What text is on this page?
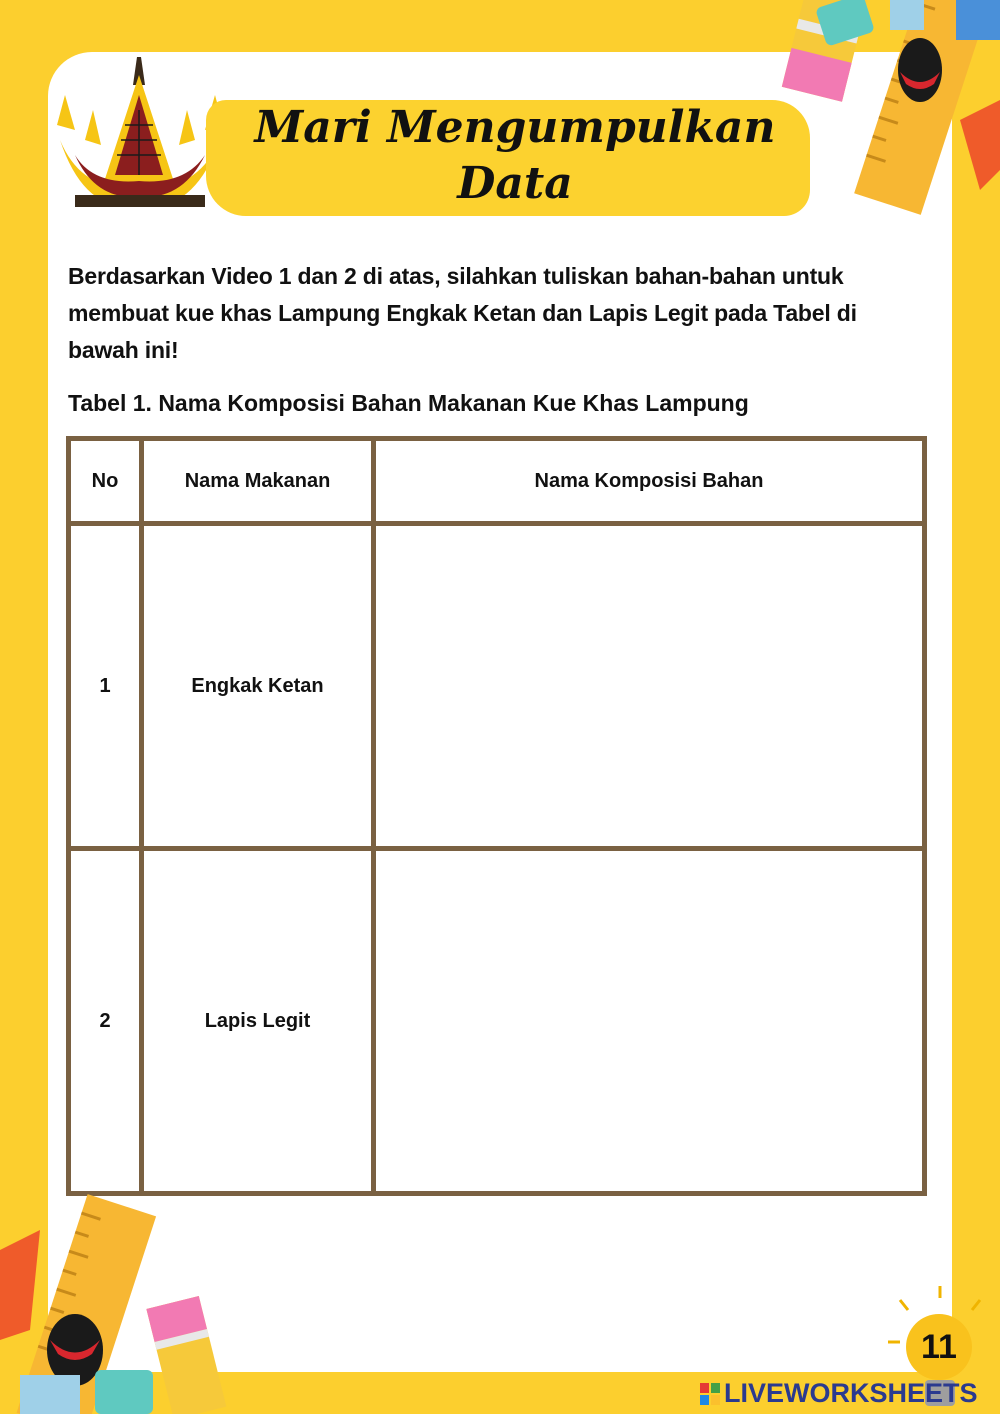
Mari Mengumpulkan Data

Berdasarkan Video 1 dan 2 di atas, silahkan tuliskan bahan-bahan untuk membuat kue khas Lampung Engkak Ketan dan Lapis Legit pada Tabel di bawah ini!

Tabel 1. Nama Komposisi Bahan Makanan Kue Khas Lampung

No	Nama Makanan	Nama Komposisi Bahan
1	Engkak Ketan	
2	Lapis Legit	
11
LIVEWORKSHEETS
